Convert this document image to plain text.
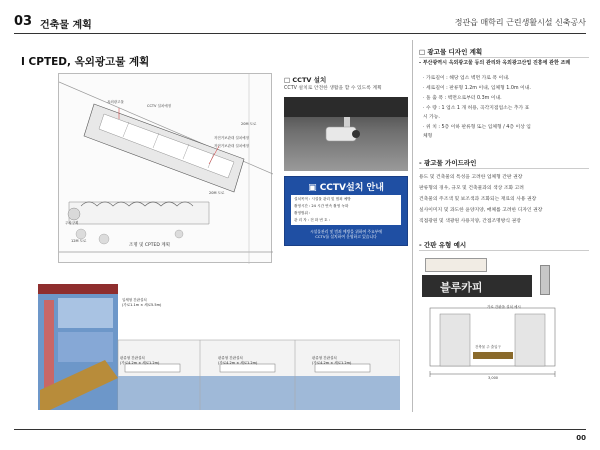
03 건축물 계획	정관읍 매학리 근린생활시설 신축공사
I CPTED, 옥외광고물 계획
옥외광고물
CCTV 설치예정
자전거보관대 설치예정
자전거보관대 설치예정
20M 도로
20M 도로
12M 도로
주차구획
조명 및 CPTED 계획
□ CCTV 설치
CCTV 설치로 안전한 생활을 할 수 있도록 계획
▣ CCTV설치 안내
설치목적 : 시설물 관리 및 범죄 예방
촬영시간 : 24 시간 연속 촬영 녹화
촬영범위 :
관 리 자 : 전 화 번 호 :
시설물관리 및 범죄 예방을 위하여 주요부에
CCTV를 설치하여 운영하고 있습니다
□ 광고물 디자인 계획
- 부산광역시 옥외광고물 등의 관리와 옥외광고산업 진흥에 관한 조례
· 가로길이 : 해당 업소 벽면 가로 폭 이내.
· 세로길이 : 판류형 1.2m 이내, 입체형 1.0m 이내.
· 돌 출 폭 : 벽면으로부터 0.3m 이내.
· 수 량 : 1 업소 1 개 허용, 곡각지점업소는 추가 표
시 가능.
· 위 치 : 5층 이하 판류형 또는 입체형 / 4층 이상 입
체형
- 광고물 가이드라인
용도 및 건축물의 특성을 고려한 업체형 간판 권장
판류형의 경우, 규모 및 건축물과의 색상 조화 고려
건축물의 주조색 및 보조색과 조화되는 재료의 사용 권장
실사이미지 및 과도한 윤양지양, 매체를 고려한 디자인 권장
직접광원 및 색광원 사용지양, 간접조명방식 권장
- 간판 유형 예시
블루카피
가로 간판을 설치 예시
건축물 주 출입구
3,000
입체형 간판설치
(가로1.1m × 세로5.5m)
판류형 간판설치
(가로4.2m × 세로1.2m)
판류형 간판설치
(가로4.2m × 세로1.2m)
판류형 간판설치
(가로4.2m × 세로1.2m)
00
